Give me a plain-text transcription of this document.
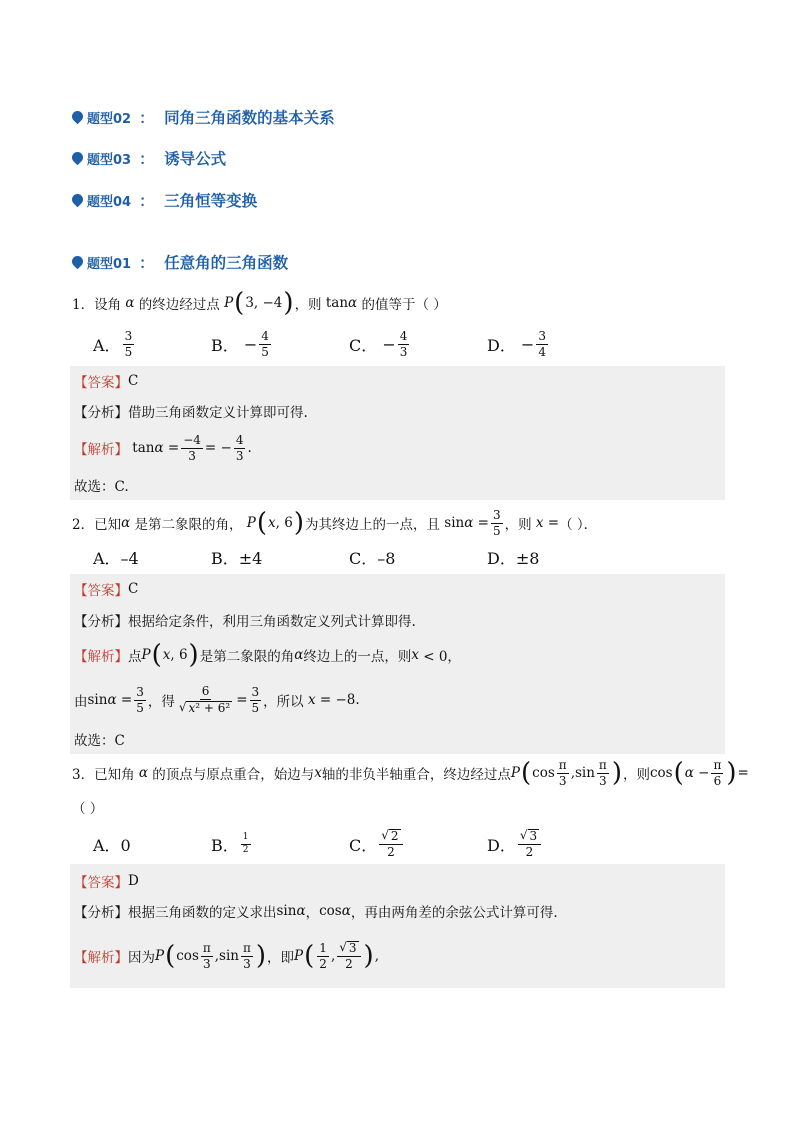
题型02 ： 同角三角函数的基本关系
题型03 ： 诱导公式
题型04 ： 三角恒等变换
题型01 ： 任意角的三角函数
1．设角 α 的终边经过点 P ( 3, −4 ) ，则 tan α 的值等于（ ）
A． $\frac{3}{5}$	B． − $\frac{4}{5}$	C． − $\frac{4}{3}$	D． − $\frac{3}{4}$
【答案】 C
【分析】 借助三角函数定义计算即可得.
【解析】 $\tan \alpha = \frac{-4}{3}$ = − $\frac{4}{3}$ .
故选：C.
2．已知 α 是第二象限的角， P ( x , 6 ) 为其终边上的一点，且 $\sin \alpha = \frac{3}{5}$ ，则 x = （ ）．
A．–4	B．±4	C．–8	D．±8
【答案】 C
【分析】 根据给定条件，利用三角函数定义列式计算即得.
【解析】 点 P ( x , 6 ) 是第二象限的角 α 终边上的一点，则 x < 0，
由 $\sin \alpha = \frac{3}{5}$ ，得 $\frac{6}{\text{√ x² + 6²}} = \frac{3}{5}$ ，所以 x = −8.
故选：C
3．已知角 α 的顶点与原点重合，始边与 x 轴的非负半轴重合，终边经过点 P ( $\cos \frac{\pi}{3} ,\sin \frac{\pi}{3}$ ) ，则 cos ( $\alpha - \frac{\pi}{6}$ ) =
（ ）
A．0	B． $\frac{1}{2}$	C． $\frac{√ 2}{2}$	D． $\frac{√ 3}{2}$
【答案】 D
【分析】 根据三角函数的定义求出 sin α ， cos α ，再由两角差的余弦公式计算可得.
【解析】 因为 P ( $\cos \frac{\pi}{3} ,\sin \frac{\pi}{3}$ ) ，即 P ( $\frac{1}{2}$ , $\frac{√ 3}{2}$ ) ,
